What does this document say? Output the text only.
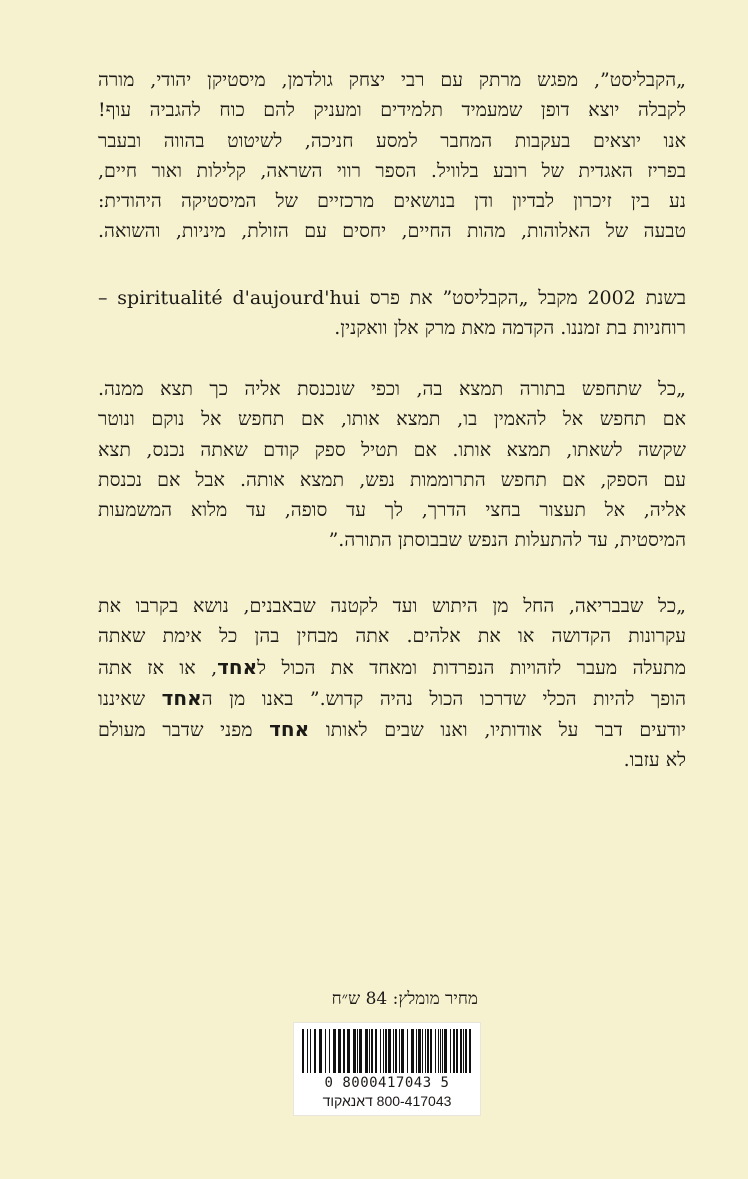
„הקבליסט”, מפגש מרתק עם רבי יצחק גולדמן, מיסטיקן יהודי, מורה
לקבלה יוצא דופן שמעמיד תלמידים ומעניק להם כוח להגביה עוף!
אנו יוצאים בעקבות המחבר למסע חניכה, לשיטוט בהווה ובעבר
בפריז האגדית של רובע בלוויל. הספר רווי השראה, קלילות ואור חיים,
נע בין זיכרון לבדיון ודן בנושאים מרכזיים של המיסטיקה היהודית:
טבעה של האלוהות, מהות החיים, יחסים עם הזולת, מיניות, והשואה.
בשנת 2002 מקבל „הקבליסט” את פרס spiritualité d'aujourd'hui –
רוחניות בת זמננו. הקדמה מאת מרק אלן וואקנין.
„כל שתחפש בתורה תמצא בה, וכפי שנכנסת אליה כך תצא ממנה.
אם תחפש אל להאמין בו, תמצא אותו, אם תחפש אל נוקם ונוטר
שקשה לשאתו, תמצא אותו. אם תטיל ספק קודם שאתה נכנס, תצא
עם הספק, אם תחפש התרוממות נפש, תמצא אותה. אבל אם נכנסת
אליה, אל תעצור בחצי הדרך, לך עד סופה, עד מלוא המשמעות
המיסטית, עד להתעלות הנפש שבבוסתן התורה.”
„כל שבבריאה, החל מן היתוש ועד לקטנה שבאבנים, נושא בקרבו את
עקרונות הקדושה או את אלהים. אתה מבחין בהן כל אימת שאתה
מתעלה מעבר לזהויות הנפרדות ומאחד את הכול לאחד, או אז אתה
הופך להיות הכלי שדרכו הכול נהיה קדוש.” באנו מן האחד שאיננו
יודעים דבר על אודותיו, ואנו שבים לאותו אחד מפני שדבר מעולם
לא עזבו.
מחיר מומלץ: 84 ש״ח
0 8000417043 5
800-417043 דאנאקוד
